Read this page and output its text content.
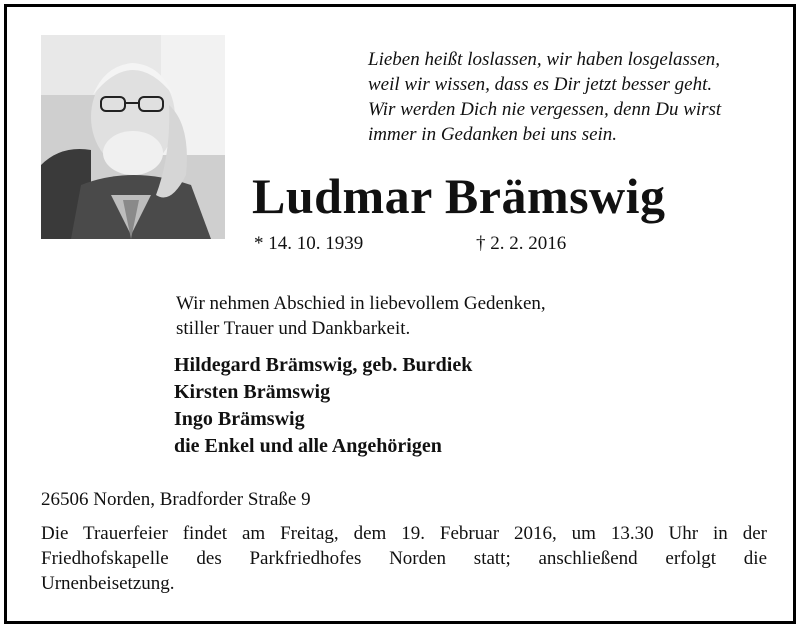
Lieben heißt loslassen, wir haben losgelassen,
weil wir wissen, dass es Dir jetzt besser geht.
Wir werden Dich nie vergessen, denn Du wirst
immer in Gedanken bei uns sein.
Ludmar Brämswig
* 14. 10. 1939	† 2. 2. 2016
Wir nehmen Abschied in liebevollem Gedenken,
stiller Trauer und Dankbarkeit.
Hildegard Brämswig, geb. Burdiek
Kirsten Brämswig
Ingo Brämswig
die Enkel und alle Angehörigen
26506 Norden, Bradforder Straße 9
Die Trauerfeier findet am Freitag, dem 19. Februar 2016, um 13.30 Uhr in der
Friedhofskapelle des Parkfriedhofes Norden statt; anschließend erfolgt die
Urnenbeisetzung.
